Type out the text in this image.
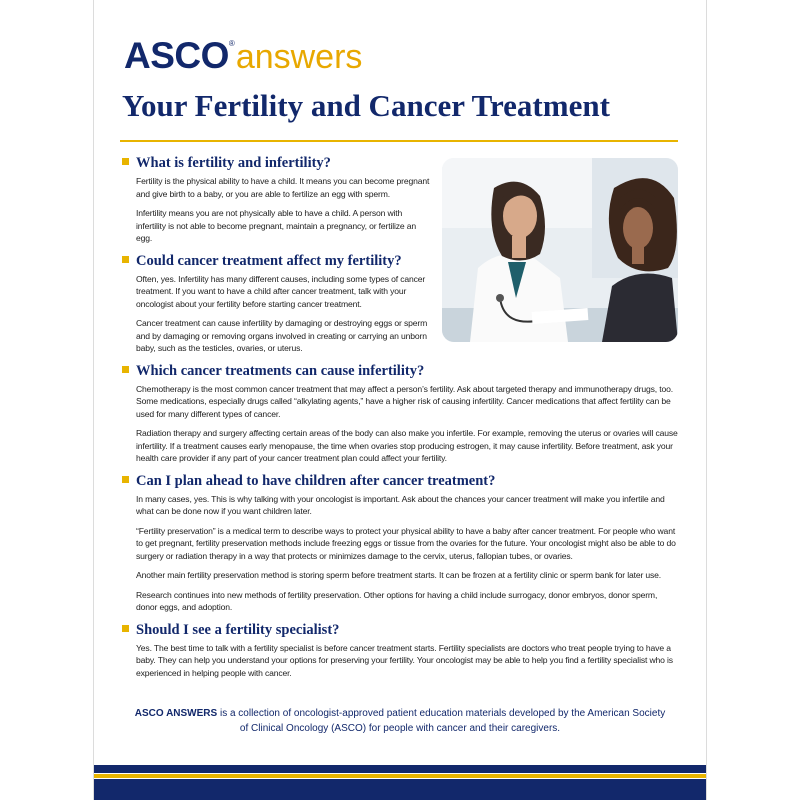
ASCO®answers
Your Fertility and Cancer Treatment
What is fertility and infertility?

Fertility is the physical ability to have a child. It means you can become pregnant and give birth to a baby, or you are able to fertilize an egg with sperm.

Infertility means you are not physically able to have a child. A person with infertility is not able to become pregnant, maintain a pregnancy, or fertilize an egg.

Could cancer treatment affect my fertility?

Often, yes. Infertility has many different causes, including some types of cancer treatment. If you want to have a child after cancer treatment, talk with your oncologist about your fertility before starting cancer treatment.

Cancer treatment can cause infertility by damaging or destroying eggs or sperm and by damaging or removing organs involved in creating or carrying an unborn baby, such as the testicles, ovaries, or uterus.

Which cancer treatments can cause infertility?

Chemotherapy is the most common cancer treatment that may affect a person’s fertility. Ask about targeted therapy and immunotherapy drugs, too. Some medications, especially drugs called “alkylating agents,” have a higher risk of causing infertility. Cancer medications that affect fertility can be used for many different types of cancer.

Radiation therapy and surgery affecting certain areas of the body can also make you infertile. For example, removing the uterus or ovaries will cause infertility. If a treatment causes early menopause, the time when ovaries stop producing estrogen, it may cause infertility. Before treatment, ask your health care provider if any part of your cancer treatment plan could affect your fertility.

Can I plan ahead to have children after cancer treatment?

In many cases, yes. This is why talking with your oncologist is important. Ask about the chances your cancer treatment will make you infertile and what can be done now if you want children later.

“Fertility preservation” is a medical term to describe ways to protect your physical ability to have a baby after cancer treatment. For people who want to get pregnant, fertility preservation methods include freezing eggs or tissue from the ovaries for the future. Your oncologist might also be able to do surgery or radiation therapy in a way that protects or minimizes damage to the cervix, uterus, fallopian tubes, or ovaries.

Another main fertility preservation method is storing sperm before treatment starts. It can be frozen at a fertility clinic or sperm bank for later use.

Research continues into new methods of fertility preservation. Other options for having a child include surrogacy, donor embryos, donor sperm, donor eggs, and adoption.

Should I see a fertility specialist?

Yes. The best time to talk with a fertility specialist is before cancer treatment starts. Fertility specialists are doctors who treat people trying to have a baby. They can help you understand your options for preserving your fertility. Your oncologist may be able to help you find a fertility specialist who is experienced in helping people with cancer.

ASCO ANSWERS is a collection of oncologist-approved patient education materials developed by the American Society of Clinical Oncology (ASCO) for people with cancer and their caregivers.
